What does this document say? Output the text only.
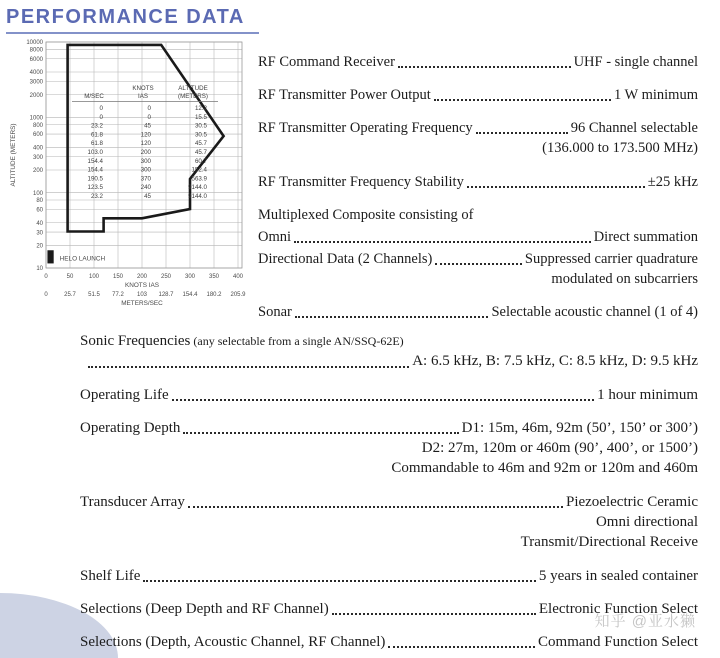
PERFORMANCE DATA
10
20
30
40
60
80
100
200
300
400
600
800
1000
2000
3000
4000
6000
8000
10000
0
0
50
25.7
100
51.5
150
77.2
200
103
250
128.7
300
154.4
350
180.2
400
205.9
KNOTS IAS
METERS/SEC
ALTITUDE (METERS)
HELO LAUNCH
M/SEC
KNOTS
IAS
ALTITUDE
(METERS)
0	0	12.2
0	0	15.5
23.2	45	30.5
61.8	120	30.5
61.8	120	45.7
103.0	200	45.7
154.4	300	60.7
154.4	300	152.4
190.5	370	563.9
123.5	240	9144.0
23.2	45	9144.0
RF Command Receiver	UHF - single channel
RF Transmitter Power Output	1 W minimum
RF Transmitter Operating Frequency	96 Channel selectable
(136.000 to 173.500 MHz)
RF Transmitter Frequency Stability	±25 kHz
Multiplexed Composite consisting of
Omni	Direct summation
Directional Data (2 Channels)	Suppressed carrier quadrature
modulated on subcarriers
Sonar	Selectable acoustic channel (1 of 4)
Sonic Frequencies (any selectable from a single AN/SSQ-62E)
A: 6.5 kHz, B: 7.5 kHz, C: 8.5 kHz, D: 9.5 kHz
Operating Life	1 hour minimum
Operating Depth	D1: 15m, 46m, 92m (50’, 150’ or 300’)
D2: 27m, 120m or 460m (90’, 400’, or 1500’)
Commandable to 46m and 92m or 120m and 460m
Transducer Array	Piezoelectric Ceramic
Omni directional
Transmit/Directional Receive
Shelf Life	5 years in sealed container
Selections (Deep Depth and RF Channel)	Electronic Function Select
Selections (Depth, Acoustic Channel, RF Channel)	Command Function Select
知乎 @亚水獭
